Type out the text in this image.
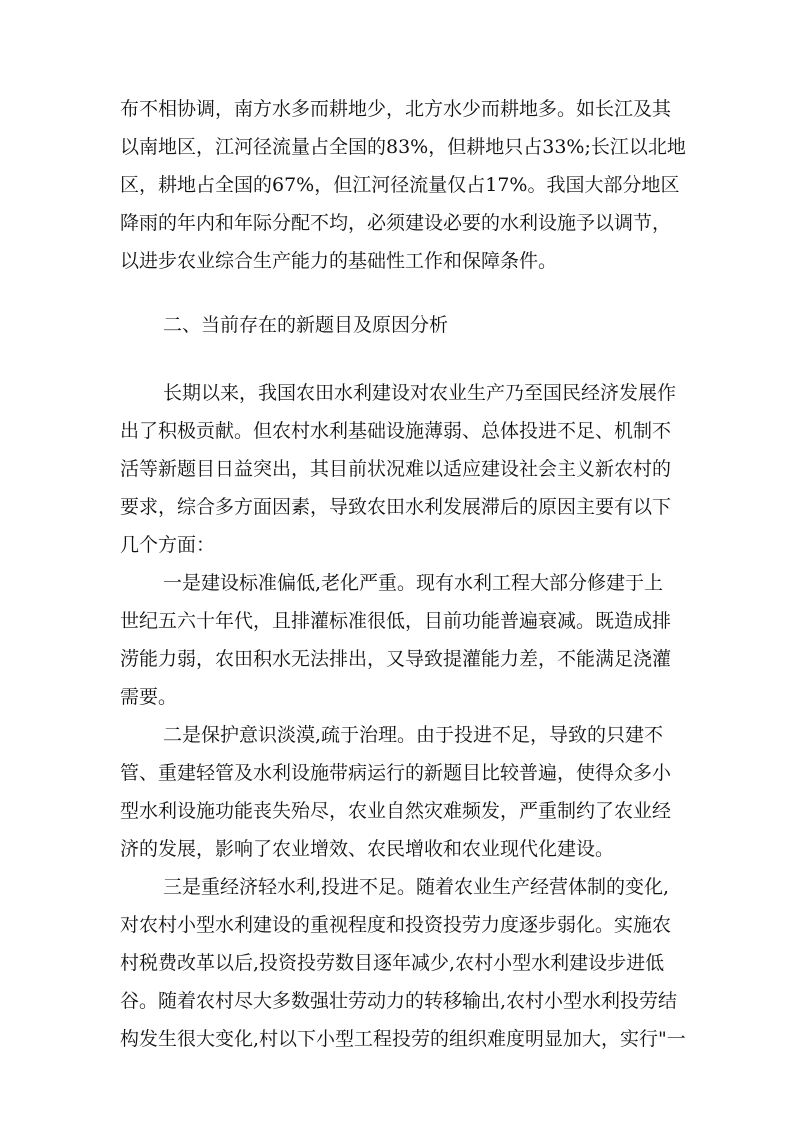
布不相协调，南方水多而耕地少，北方水少而耕地多。如长江及其
以南地区，江河径流量占全国的83%，但耕地只占33%;长江以北地
区，耕地占全国的67%，但江河径流量仅占17%。我国大部分地区
降雨的年内和年际分配不均，必须建设必要的水利设施予以调节，
以进步农业综合生产能力的基础性工作和保障条件。
二、当前存在的新题目及原因分析
长期以来，我国农田水利建设对农业生产乃至国民经济发展作
出了积极贡献。但农村水利基础设施薄弱、总体投进不足、机制不
活等新题目日益突出，其目前状况难以适应建设社会主义新农村的
要求，综合多方面因素，导致农田水利发展滞后的原因主要有以下
几个方面：
一是建设标准偏低,老化严重。现有水利工程大部分修建于上
世纪五六十年代，且排灌标准很低，目前功能普遍衰减。既造成排
涝能力弱，农田积水无法排出，又导致提灌能力差，不能满足浇灌
需要。
二是保护意识淡漠,疏于治理。由于投进不足，导致的只建不
管、重建轻管及水利设施带病运行的新题目比较普遍，使得众多小
型水利设施功能丧失殆尽，农业自然灾难频发，严重制约了农业经
济的发展，影响了农业增效、农民增收和农业现代化建设。
三是重经济轻水利,投进不足。随着农业生产经营体制的变化,
对农村小型水利建设的重视程度和投资投劳力度逐步弱化。实施农
村税费改革以后,投资投劳数目逐年减少,农村小型水利建设步进低
谷。随着农村尽大多数强壮劳动力的转移输出,农村小型水利投劳结
构发生很大变化,村以下小型工程投劳的组织难度明显加大，实行"一
